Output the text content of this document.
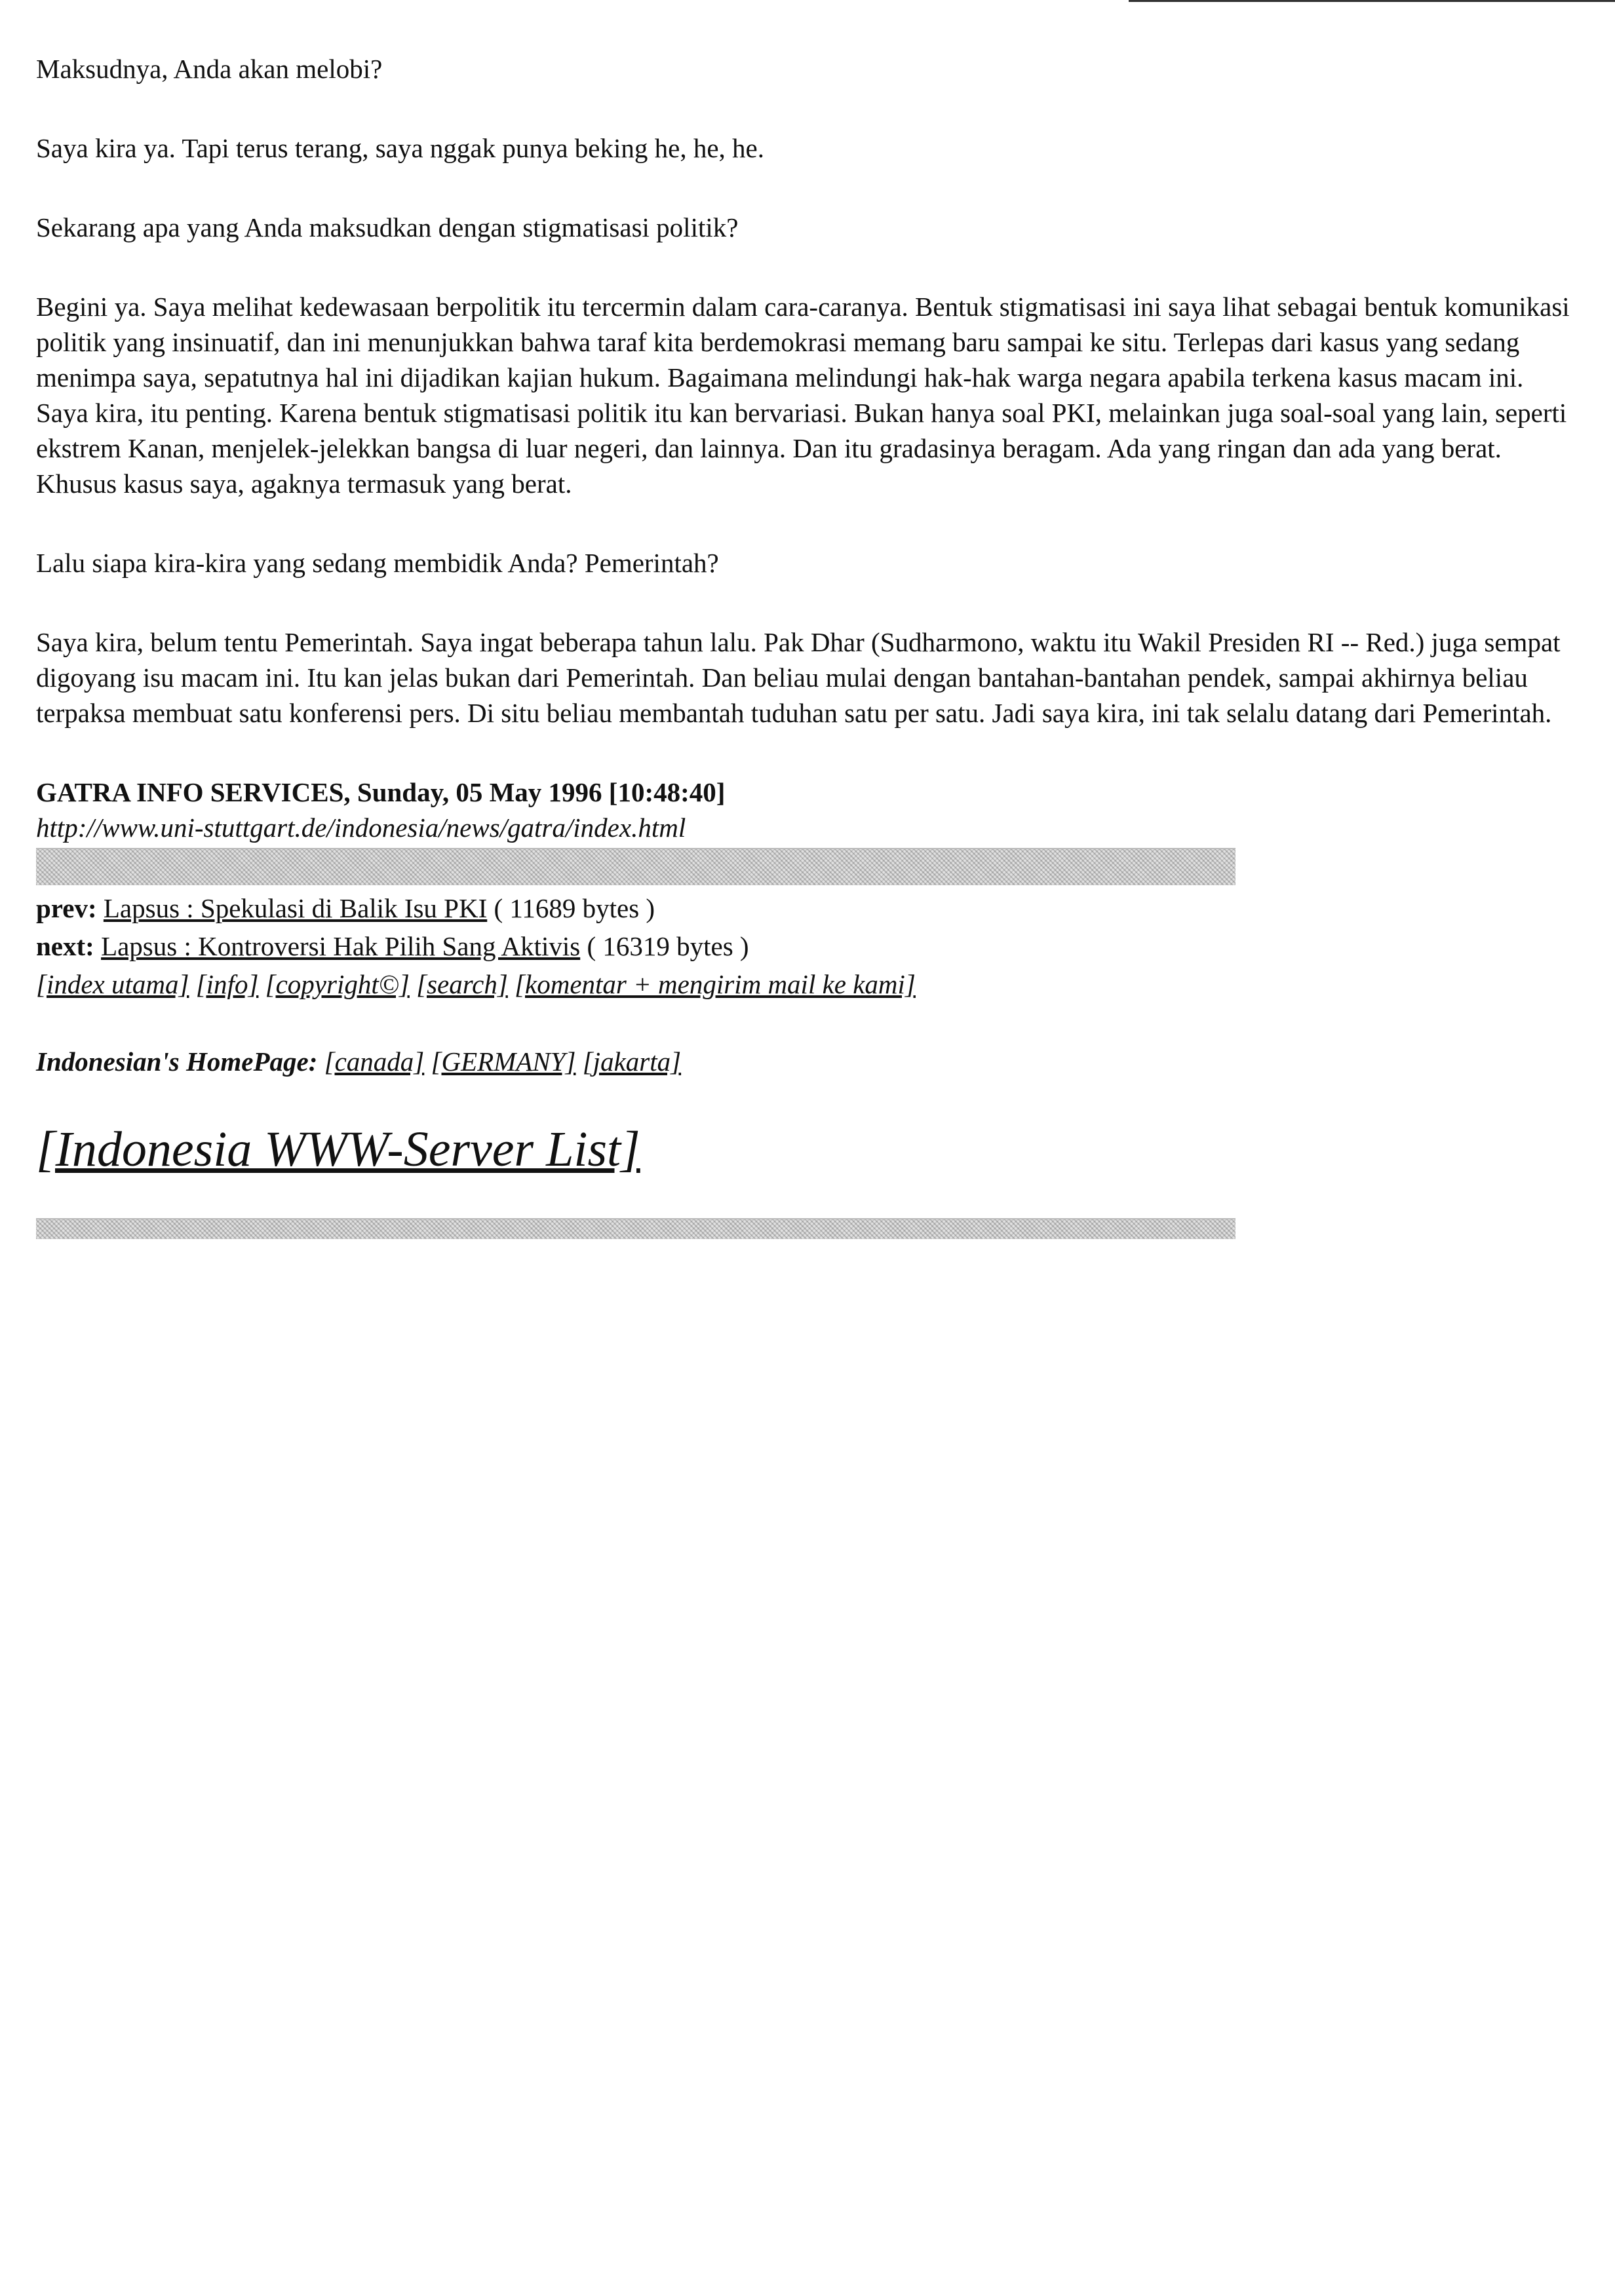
Maksudnya, Anda akan melobi?

Saya kira ya. Tapi terus terang, saya nggak punya beking he, he, he.

Sekarang apa yang Anda maksudkan dengan stigmatisasi politik?

Begini ya. Saya melihat kedewasaan berpolitik itu tercermin dalam cara-caranya. Bentuk stigmatisasi ini saya lihat sebagai bentuk komunikasi politik yang insinuatif, dan ini menunjukkan bahwa taraf kita berdemokrasi memang baru sampai ke situ. Terlepas dari kasus yang sedang menimpa saya, sepatutnya hal ini dijadikan kajian hukum. Bagaimana melindungi hak-hak warga negara apabila terkena kasus macam ini. Saya kira, itu penting. Karena bentuk stigmatisasi politik itu kan bervariasi. Bukan hanya soal PKI, melainkan juga soal-soal yang lain, seperti ekstrem Kanan, menjelek-jelekkan bangsa di luar negeri, dan lainnya. Dan itu gradasinya beragam. Ada yang ringan dan ada yang berat. Khusus kasus saya, agaknya termasuk yang berat.

Lalu siapa kira-kira yang sedang membidik Anda? Pemerintah?

Saya kira, belum tentu Pemerintah. Saya ingat beberapa tahun lalu. Pak Dhar (Sudharmono, waktu itu Wakil Presiden RI -- Red.) juga sempat digoyang isu macam ini. Itu kan jelas bukan dari Pemerintah. Dan beliau mulai dengan bantahan-bantahan pendek, sampai akhirnya beliau terpaksa membuat satu konferensi pers. Di situ beliau membantah tuduhan satu per satu. Jadi saya kira, ini tak selalu datang dari Pemerintah.

GATRA INFO SERVICES, Sunday, 05 May 1996 [10:48:40]
http://www.uni-stuttgart.de/indonesia/news/gatra/index.html

prev: Lapsus : Spekulasi di Balik Isu PKI ( 11689 bytes )

next: Lapsus : Kontroversi Hak Pilih Sang Aktivis ( 16319 bytes )

[index utama] [info] [copyright©] [search] [komentar + mengirim mail ke kami]

Indonesian's HomePage: [canada] [GERMANY] [jakarta]

[Indonesia WWW-Server List]
